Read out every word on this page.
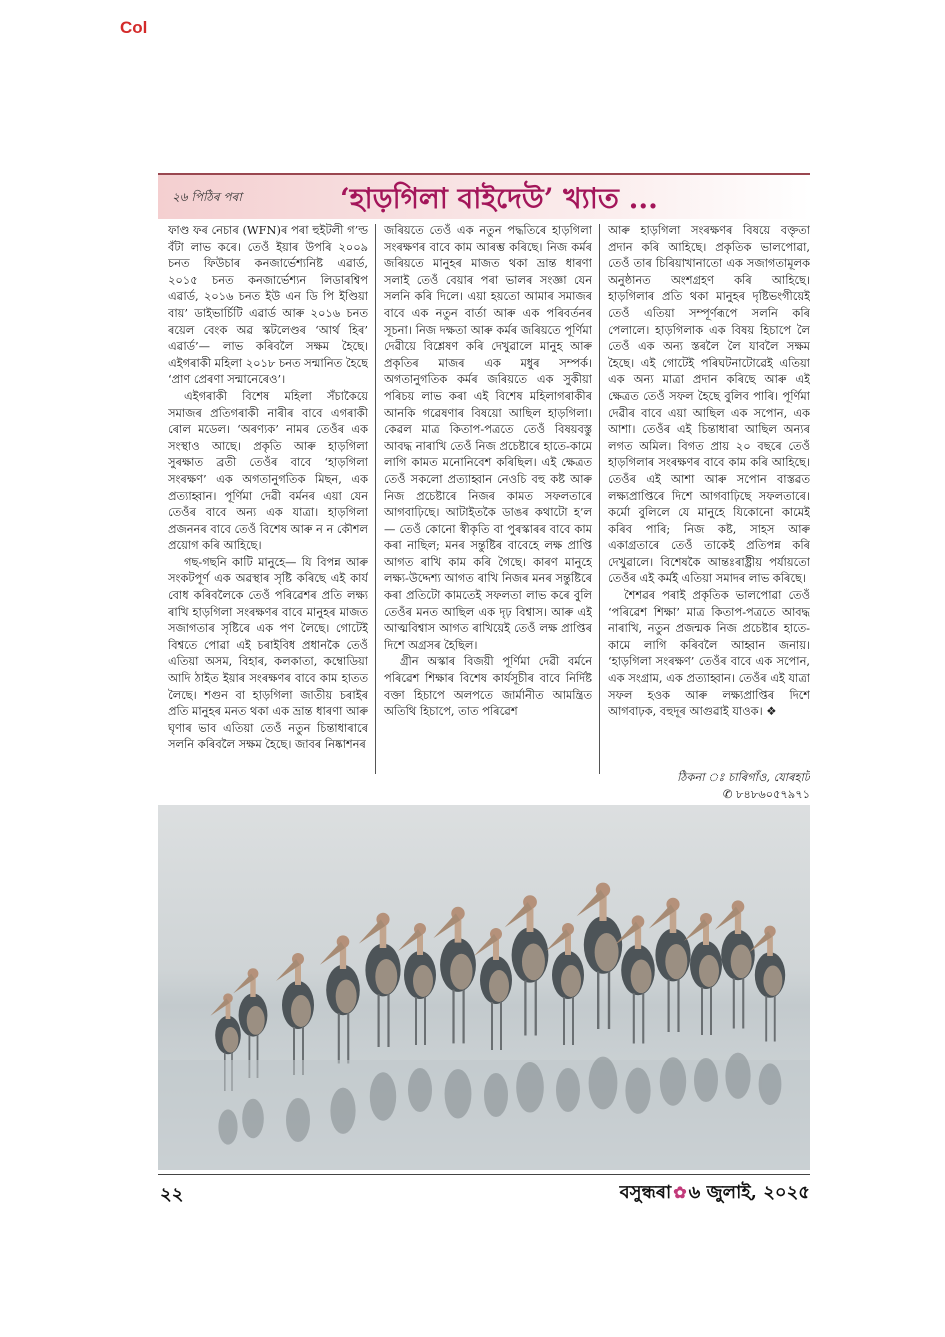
Col
২৬ পিঠিৰ পৰা	‘হাড়গিলা বাইদেউ’ খ্যাত ...

ফাণ্ড ফৰ নেচাৰ (WFN)ৰ পৰা হুইটলী গ’ল্ড বঁটা লাভ কৰে। তেওঁ ইয়াৰ উপৰি ২০০৯ চনত ফিউচাৰ কনজাৰ্ভেশ্যনিষ্ট এৱাৰ্ড, ২০১৫ চনত কনজাৰ্ভেশ্যন লিডাৰশ্বিপ এৱাৰ্ড, ২০১৬ চনত ইউ এন ডি পি ইণ্ডিয়া বায়’ ডাইভাৰ্চিটি এৱাৰ্ড আৰু ২০১৬ চনত ৰয়েল বেংক অৱ স্কটলেণ্ডৰ ‘আৰ্থ হিৰ’ এৱাৰ্ড’— লাভ কৰিবলৈ সক্ষম হৈছে। এইগৰাকী মহিলা ২০১৮ চনত সন্মানিত হৈছে ‘প্ৰাণ প্ৰেৰণা সন্মানেৰেও’।

এইগৰাকী বিশেষ মহিলা সঁচাকৈয়ে সমাজৰ প্ৰতিগৰাকী নাৰীৰ বাবে এগৰাকী ৰোল মডেল। ‘অৰণ্যক’ নামৰ তেওঁৰ এক সংস্থাও আছে। প্ৰকৃতি আৰু হাড়গিলা সুৰক্ষাত ব্ৰতী তেওঁৰ বাবে ‘হাড়গিলা সংৰক্ষণ’ এক অগতানুগতিক মিছন, এক প্ৰত্যাহ্বান। পূৰ্ণিমা দেৱী বৰ্মনৰ এয়া যেন তেওঁৰ বাবে অন্য এক যাত্ৰা। হাড়গিলা প্ৰজননৰ বাবে তেওঁ বিশেষ আৰু ন ন কৌশল প্ৰয়োগ কৰি আহিছে।

গছ-গছনি কাটি মানুহে— যি বিপন্ন আৰু সংকটপূৰ্ণ এক অৱস্থাৰ সৃষ্টি কৰিছে এই কাৰ্য বোধ কৰিবলৈকে তেওঁ পৰিৱেশৰ প্ৰতি লক্ষ্য ৰাখি হাড়গিলা সংৰক্ষণৰ বাবে মানুহৰ মাজত সজাগতাৰ সৃষ্টিৰে এক পণ লৈছে। গোটেই বিশ্বতে পোৱা এই চৰাইবিধ প্ৰধানকৈ তেওঁ এতিয়া অসম, বিহাৰ, কলকাতা, কম্বোডিয়া আদি ঠাইত ইয়াৰ সংৰক্ষণৰ বাবে কাম হাতত লৈছে। শগুন বা হাড়গিলা জাতীয় চৰাইৰ প্ৰতি মানুহৰ মনত থকা এক ভ্ৰান্ত ধাৰণা আৰু ঘৃণাৰ ভাব এতিয়া তেওঁ নতুন চিন্তাধাৰাৰে সলনি কৰিবলৈ সক্ষম হৈছে। জাবৰ নিষ্কাশনৰ

জৰিয়তে তেওঁ এক নতুন পদ্ধতিৰে হাড়গিলা সংৰক্ষণৰ বাবে কাম আৰম্ভ কৰিছে। নিজ কৰ্মৰ জৰিয়তে মানুহৰ মাজত থকা ভ্ৰান্ত ধাৰণা সলাই তেওঁ বেয়াৰ পৰা ভালৰ সংজ্ঞা যেন সলনি কৰি দিলে। এয়া হয়তো আমাৰ সমাজৰ বাবে এক নতুন বাৰ্তা আৰু এক পৰিবৰ্তনৰ সূচনা। নিজ দক্ষতা আৰু কৰ্মৰ জৰিয়তে পূৰ্ণিমা দেৱীয়ে বিশ্লেষণ কৰি দেখুৱালে মানুহ আৰু প্ৰকৃতিৰ মাজৰ এক মধুৰ সম্পৰ্ক। অগতানুগতিক কৰ্মৰ জৰিয়তে এক সুকীয়া পৰিচয় লাভ কৰা এই বিশেষ মহিলাগৰাকীৰ আনকি গৱেষণাৰ বিষয়ো আছিল হাড়গিলা। কেৱল মাত্ৰ কিতাপ-পত্ৰতে তেওঁ বিষয়বস্তু আবদ্ধ নাৰাখি তেওঁ নিজ প্ৰচেষ্টাৰে হাতে-কামে লাগি কামত মনোনিবেশ কৰিছিল। এই ক্ষেত্ৰত তেওঁ সকলো প্ৰত্যাহ্বান নেওচি বহু কষ্ট আৰু নিজ প্ৰচেষ্টাৰে নিজৰ কামত সফলতাৰে আগবাঢ়িছে। আটাইতকৈ ডাঙৰ কথাটো হ’ল— তেওঁ কোনো স্বীকৃতি বা পুৰস্কাৰৰ বাবে কাম কৰা নাছিল; মনৰ সন্তুষ্টিৰ বাবেহে লক্ষ প্ৰাপ্তি আগত ৰাখি কাম কৰি গৈছে। কাৰণ মানুহে লক্ষ্য-উদ্দেশ্য আগত ৰাখি নিজৰ মনৰ সন্তুষ্টিৰে কৰা প্ৰতিটো কামতেই সফলতা লাভ কৰে বুলি তেওঁৰ মনত আছিল এক দৃঢ় বিশ্বাস। আৰু এই আত্মবিশ্বাস আগত ৰাখিয়েই তেওঁ লক্ষ প্ৰাপ্তিৰ দিশে অগ্ৰসৰ হৈছিল।

গ্ৰীন অস্কাৰ বিজয়ী পূৰ্ণিমা দেৱী বৰ্মনে পৰিৱেশ শিক্ষাৰ বিশেষ কাৰ্যসূচীৰ বাবে নিৰ্দিষ্ট বক্তা হিচাপে অলপতে জাৰ্মানীত আমন্ত্ৰিত অতিথি হিচাপে, তাত পৰিৱেশ

আৰু হাড়গিলা সংৰক্ষণৰ বিষয়ে বক্তৃতা প্ৰদান কৰি আহিছে। প্ৰকৃতিক ভালপোৱা, তেওঁ তাৰ চিৰিয়াখানাতো এক সজাগতামূলক অনুষ্ঠানত অংশগ্ৰহণ কৰি আহিছে। হাড়গিলাৰ প্ৰতি থকা মানুহৰ দৃষ্টিভংগীয়েই তেওঁ এতিয়া সম্পূৰ্ণৰূপে সলনি কৰি পেলালে। হাড়গিলাক এক বিষয় হিচাপে লৈ তেওঁ এক অন্য স্তৰলৈ লৈ যাবলৈ সক্ষম হৈছে। এই গোটেই পৰিঘটনাটোৱেই এতিয়া এক অন্য মাত্ৰা প্ৰদান কৰিছে আৰু এই ক্ষেত্ৰত তেওঁ সফল হৈছে বুলিব পাৰি। পূৰ্ণিমা দেৱীৰ বাবে এয়া আছিল এক সপোন, এক আশা। তেওঁৰ এই চিন্তাধাৰা আছিল অন্যৰ লগত অমিল। বিগত প্ৰায় ২০ বছৰে তেওঁ হাড়গিলাৰ সংৰক্ষণৰ বাবে কাম কৰি আহিছে। তেওঁৰ এই আশা আৰু সপোন বাস্তৱত লক্ষ্যপ্ৰাপ্তিৰে দিশে আগবাঢ়িছে সফলতাৰে। কৰ্মো বুলিলে যে মানুহে যিকোনো কামেই কৰিব পাৰি; নিজ কষ্ট, সাহস আৰু একাগ্ৰতাৰে তেওঁ তাকেই প্ৰতিপন্ন কৰি দেখুৱালে। বিশেষকৈ আন্তঃৰাষ্ট্ৰীয় পৰ্যায়তো তেওঁৰ এই কৰ্মই এতিয়া সমাদৰ লাভ কৰিছে।

শৈশৱৰ পৰাই প্ৰকৃতিক ভালপোৱা তেওঁ ‘পৰিৱেশ শিক্ষা’ মাত্ৰ কিতাপ-পত্ৰতে আবদ্ধ নাৰাখি, নতুন প্ৰজন্মক নিজ প্ৰচেষ্টাৰ হাতে- কামে লাগি কৰিবলৈ আহ্বান জনায়। ‘হাড়গিলা সংৰক্ষণ’ তেওঁৰ বাবে এক সপোন, এক সংগ্ৰাম, এক প্ৰত্যাহ্বান। তেওঁৰ এই যাত্ৰা সফল হওক আৰু লক্ষ্যপ্ৰাপ্তিৰ দিশে আগবাঢ়ক, বহুদূৰ আগুৱাই যাওক। ❖

ঠিকনা ঃ চাৰিগাঁও, যোৰহাট
✆ ৮৪৮৬০৫৭৯৭১
২২	বসুন্ধৰা ✿ ৬ জুলাই, ২০২৫
